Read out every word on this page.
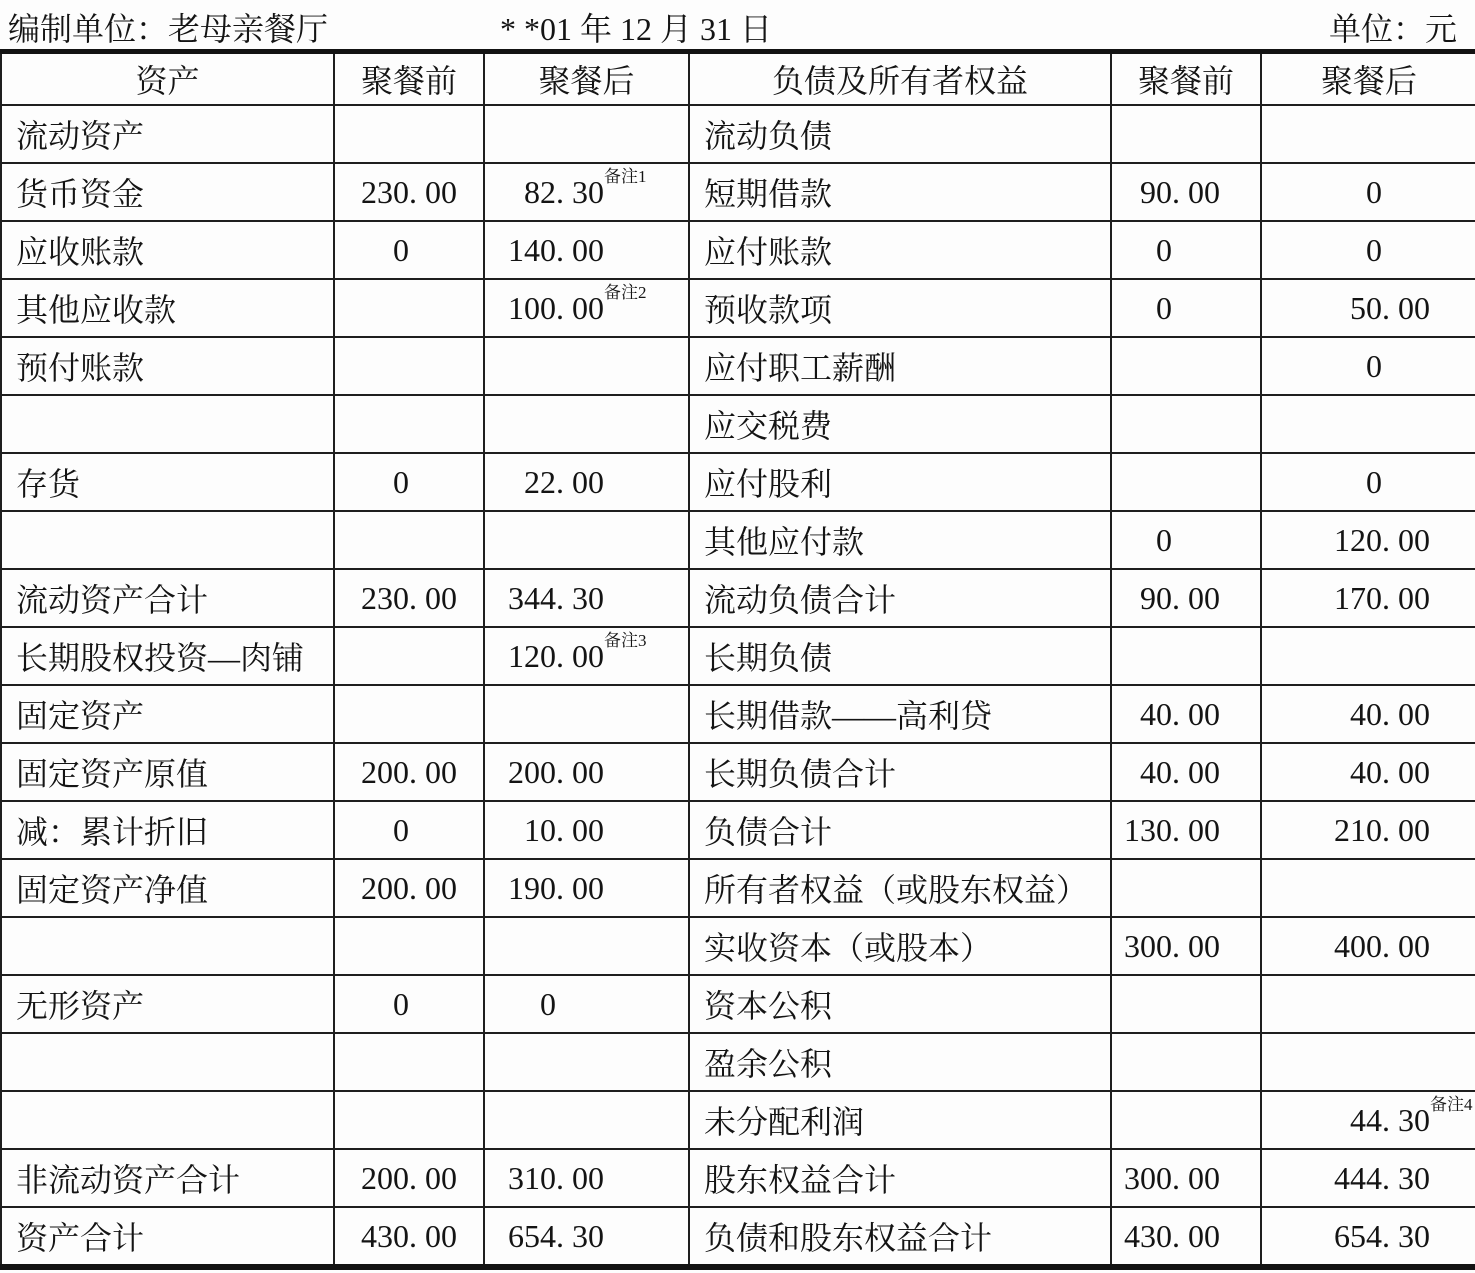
编制单位：老母亲餐厅	* *01 年 12 月 31 日	单位：元
资产	聚餐前	聚餐后	负债及所有者权益	聚餐前	聚餐后
流动资产			流动负债		
货币资金	230. 00	82. 30 备注1	短期借款	90. 00	0
应收账款	0	140. 00	应付账款	0	0
其他应收款		100. 00 备注2	预收款项	0	50. 00
预付账款			应付职工薪酬		0
			应交税费		
存货	0	22. 00	应付股利		0
			其他应付款	0	120. 00
流动资产合计	230. 00	344. 30	流动负债合计	90. 00	170. 00
长期股权投资—肉铺		120. 00 备注3	长期负债		
固定资产			长期借款——高利贷	40. 00	40. 00
固定资产原值	200. 00	200. 00	长期负债合计	40. 00	40. 00
减：累计折旧	0	10. 00	负债合计	130. 00	210. 00
固定资产净值	200. 00	190. 00	所有者权益（或股东权益）		
			实收资本（或股本）	300. 00	400. 00
无形资产	0	0	资本公积		
			盈余公积		
			未分配利润		44. 30 备注4

非流动资产合计	200. 00	310. 00	股东权益合计	300. 00	444. 30
资产合计	430. 00	654. 30	负债和股东权益合计	430. 00	654. 30
